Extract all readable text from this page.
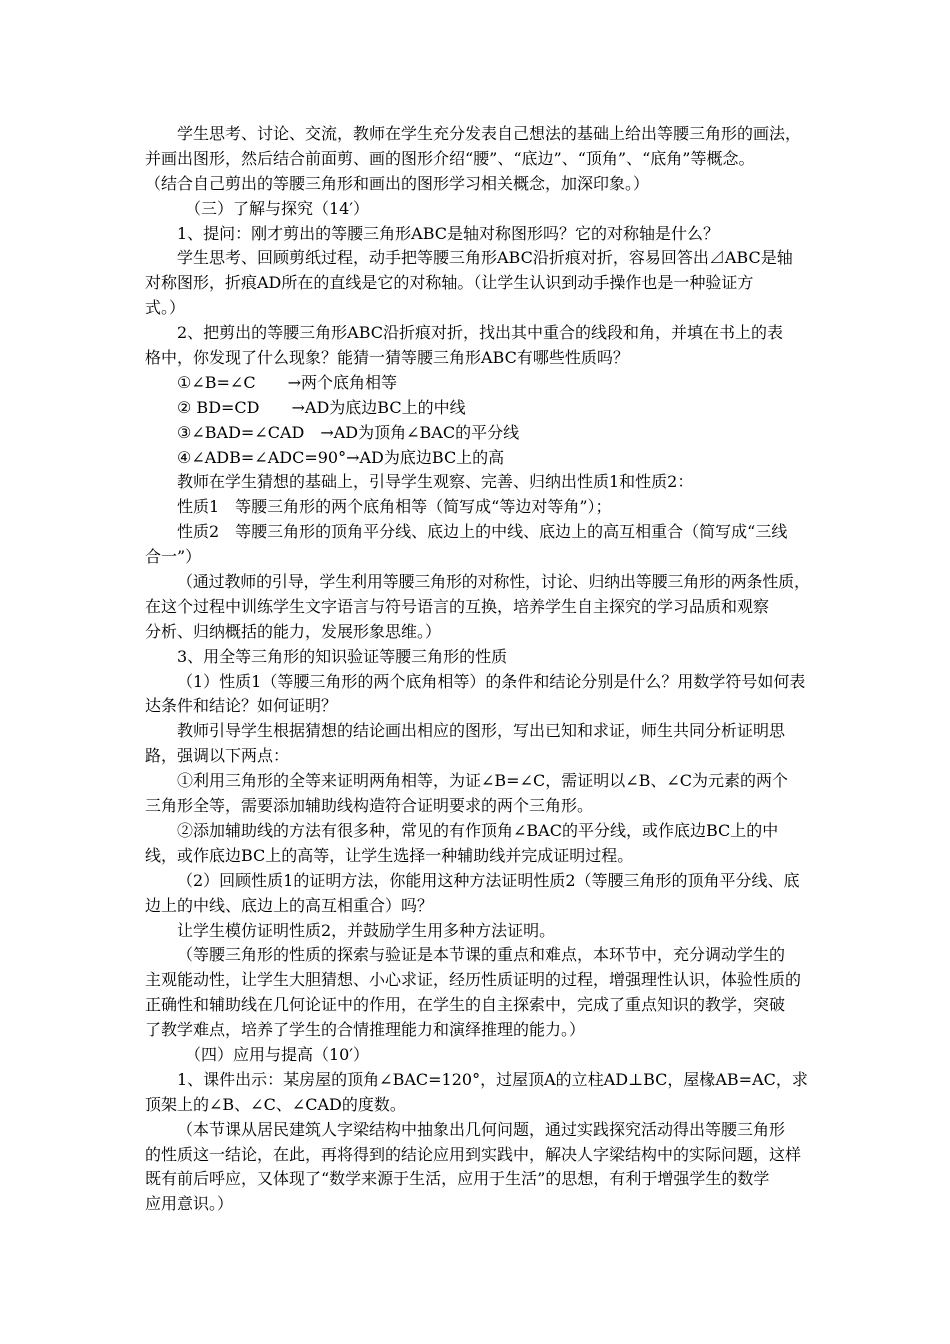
学生思考、讨论、交流，教师在学生充分发表自己想法的基础上给出等腰三角形的画法，
并画出图形，然后结合前面剪、画的图形介绍“腰”、“底边”、“顶角”、“底角”等概念。
（结合自己剪出的等腰三角形和画出的图形学习相关概念，加深印象。）
（三）了解与探究（14′）
1、提问：刚才剪出的等腰三角形ABC是轴对称图形吗？它的对称轴是什么？
学生思考、回顾剪纸过程，动手把等腰三角形ABC沿折痕对折，容易回答出⊿ABC是轴
对称图形，折痕AD所在的直线是它的对称轴。（让学生认识到动手操作也是一种验证方
式。）
2、把剪出的等腰三角形ABC沿折痕对折，找出其中重合的线段和角，并填在书上的表
格中，你发现了什么现象？能猜一猜等腰三角形ABC有哪些性质吗？
①∠B=∠C　　→两个底角相等
② BD=CD　　→AD为底边BC上的中线
③∠BAD=∠CAD　→AD为顶角∠BAC的平分线
④∠ADB=∠ADC=90°→AD为底边BC上的高
教师在学生猜想的基础上，引导学生观察、完善、归纳出性质1和性质2：
性质1　等腰三角形的两个底角相等（简写成“等边对等角”）；
性质2　等腰三角形的顶角平分线、底边上的中线、底边上的高互相重合（简写成“三线
合一”）
（通过教师的引导，学生利用等腰三角形的对称性，讨论、归纳出等腰三角形的两条性质，
在这个过程中训练学生文字语言与符号语言的互换，培养学生自主探究的学习品质和观察
分析、归纳概括的能力，发展形象思维。）
3、用全等三角形的知识验证等腰三角形的性质
（1）性质1（等腰三角形的两个底角相等）的条件和结论分别是什么？用数学符号如何表
达条件和结论？如何证明？
教师引导学生根据猜想的结论画出相应的图形，写出已知和求证，师生共同分析证明思
路，强调以下两点：
①利用三角形的全等来证明两角相等，为证∠B=∠C，需证明以∠B、∠C为元素的两个
三角形全等，需要添加辅助线构造符合证明要求的两个三角形。
②添加辅助线的方法有很多种，常见的有作顶角∠BAC的平分线，或作底边BC上的中
线，或作底边BC上的高等，让学生选择一种辅助线并完成证明过程。
（2）回顾性质1的证明方法，你能用这种方法证明性质2（等腰三角形的顶角平分线、底
边上的中线、底边上的高互相重合）吗？
让学生模仿证明性质2，并鼓励学生用多种方法证明。
（等腰三角形的性质的探索与验证是本节课的重点和难点，本环节中，充分调动学生的
主观能动性，让学生大胆猜想、小心求证，经历性质证明的过程，增强理性认识，体验性质的
正确性和辅助线在几何论证中的作用，在学生的自主探索中，完成了重点知识的教学，突破
了教学难点，培养了学生的合情推理能力和演绎推理的能力。）
（四）应用与提高（10′）
1、课件出示：某房屋的顶角∠BAC=120°，过屋顶A的立柱AD⊥BC，屋椽AB=AC，求
顶架上的∠B、∠C、∠CAD的度数。
（本节课从居民建筑人字梁结构中抽象出几何问题，通过实践探究活动得出等腰三角形
的性质这一结论，在此，再将得到的结论应用到实践中，解决人字梁结构中的实际问题，这样
既有前后呼应，又体现了“数学来源于生活，应用于生活”的思想，有利于增强学生的数学
应用意识。）
